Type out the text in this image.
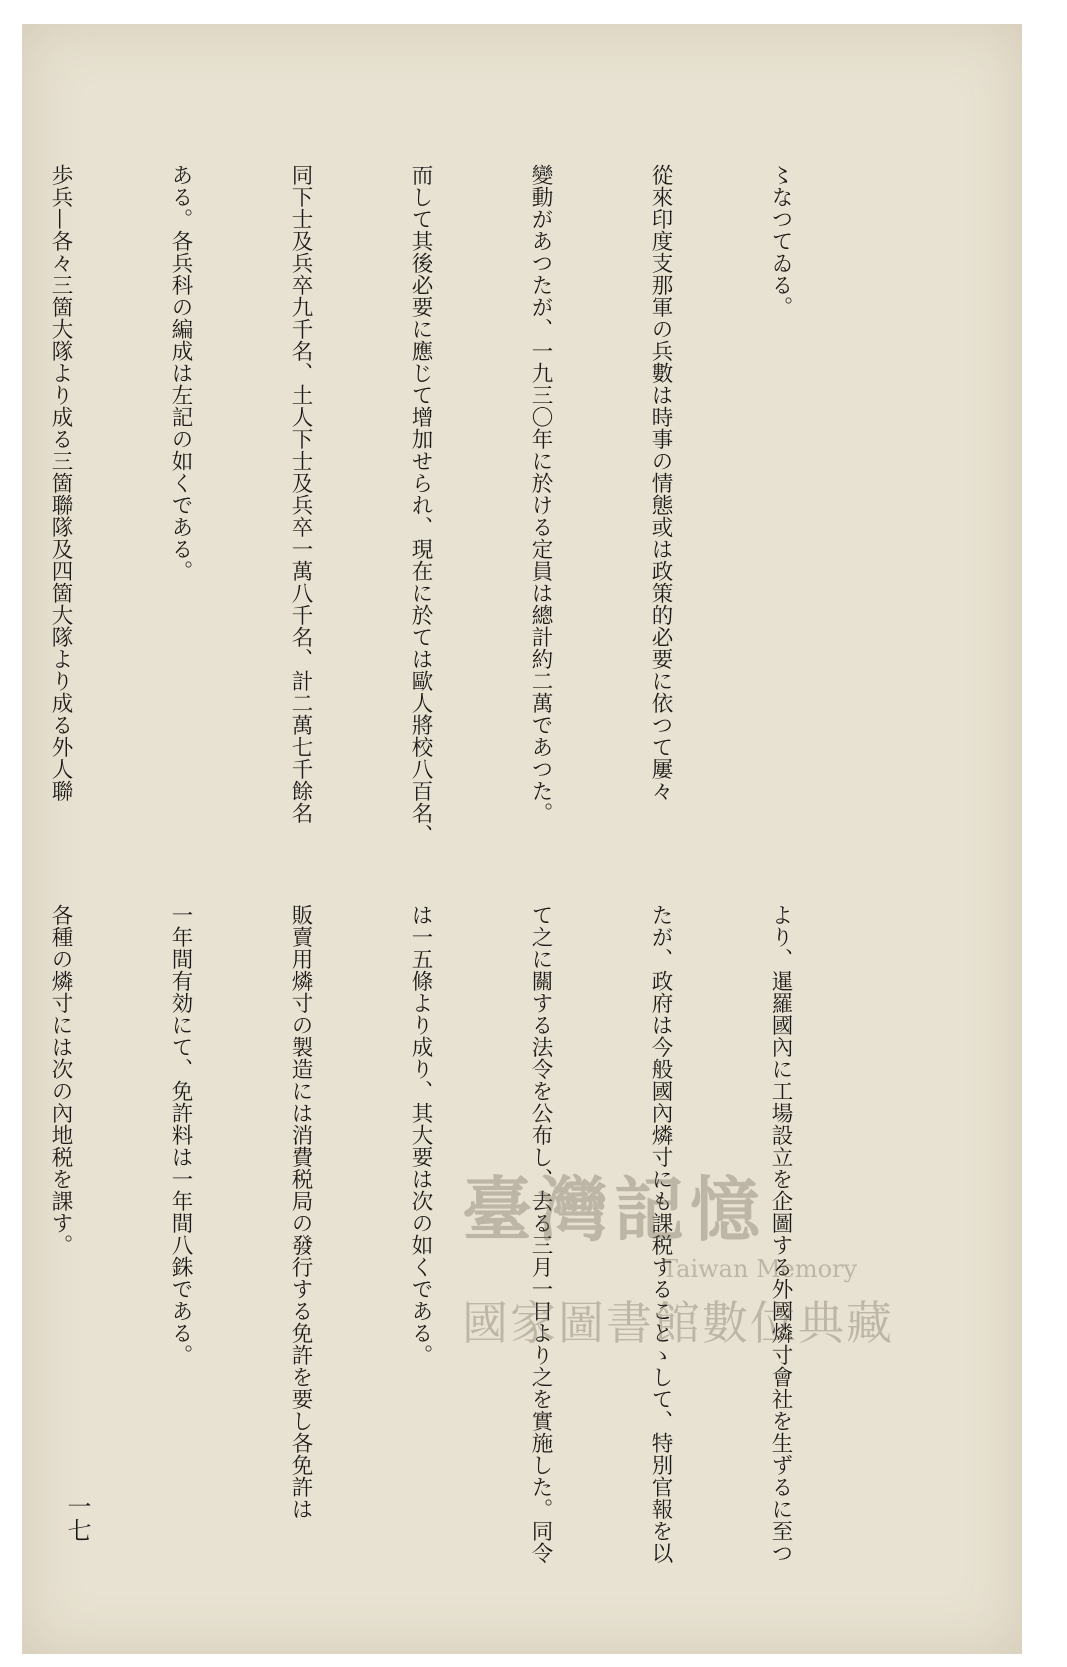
〻なつてゐる。

從來印度支那軍の兵數は時事の情態或は政策的必要に依つて屢々

變動があつたが、一九三〇年に於ける定員は總計約二萬であつた。

而して其後必要に應じて增加せられ、現在に於ては歐人將校八百名、

同下士及兵卒九千名、土人下士及兵卒一萬八千名、計二萬七千餘名

ある。各兵科の編成は左記の如くである。

歩兵—各々三箇大隊より成る三箇聯隊及四箇大隊より成る外人聯

より、暹羅國內に工場設立を企圖する外國燐寸會社を生ずるに至つ

たが、政府は今般國內燐寸にも課税することゝして、特別官報を以

て之に關する法令を公布し、去る三月一日より之を實施した。同令

は一五條より成り、其大要は次の如くである。

販賣用燐寸の製造には消費税局の發行する免許を要し各免許は

一年間有効にて、免許料は一年間八銖である。

各種の燐寸には次の內地税を課す。

一七
臺灣記憶
Taiwan Memory
國家圖書館數位典藏
